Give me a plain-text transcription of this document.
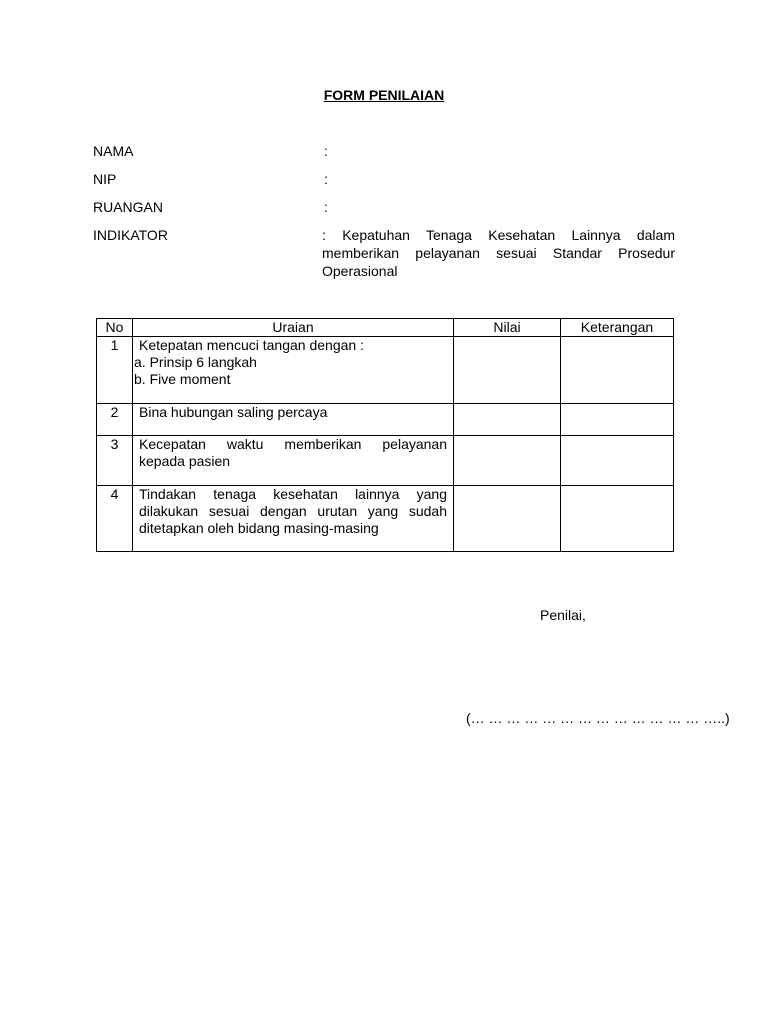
FORM PENILAIAN
NAMA	:
NIP	:
RUANGAN	:
INDIKATOR	: Kepatuhan Tenaga Kesehatan Lainnya dalam
memberikan pelayanan sesuai Standar Prosedur
Operasional
No	Uraian	Nilai	Keterangan
1	Ketepatan mencuci tangan dengan :
a. Prinsip 6 langkah
b. Five moment		

2	Bina hubungan saling percaya		

3	Kecepatan waktu memberikan pelayanan
kepada pasien		

4	Tindakan tenaga kesehatan lainnya yang
dilakukan sesuai dengan urutan yang sudah
ditetapkan oleh bidang masing-masing		

Penilai,
(… … … … … … … … … … … … … …..)
